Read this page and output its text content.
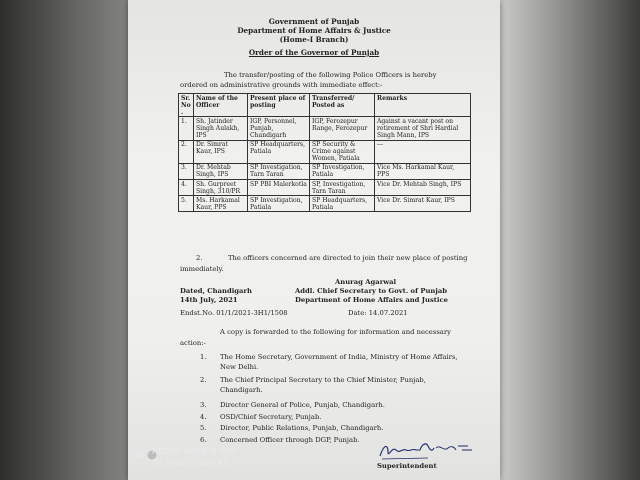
Government of Punjab
Department of Home Affairs & Justice
(Home-I Branch)
Order of the Governor of Punjab
The transfer/posting of the following Police Officers is hereby
ordered on administrative grounds with immediate effect:-
Sr. No.	Name of the Officer	Present place of posting	Transferred/ Posted as	Remarks
1.	Sh. Jatinder Singh Aulakh, IPS	IGP, Personnel, Punjab, Chandigarh	IGP, Ferozepur Range, Ferozepur	Against a vacant post on retirement of Shri Hardial Singh Mann, IPS
2.	Dr. Simrat Kaur, IPS	SP Headquarters, Patiala	SP Security & Crime against Women, Patiala	---
3.	Dr. Mehtab Singh, IPS	SP Investigation, Tarn Taran	SP Investigation, Patiala	Vice Ms. Harkamal Kaur, PPS
4.	Sh. Gurpreet Singh, 310/PR	SP PBI Malerkotla	SP, Investigation, Tarn Taran	Vice Dr. Mehtab Singh, IPS
5.	Ms. Harkamal Kaur, PPS	SP Investigation, Patiala	SP Headquarters, Patiala	Vice Dr. Simrat Kaur, IPS
2.	The officers concerned are directed to join their new place of posting
immediately.
Anurag Agarwal
Dated, Chandigarh	Addl. Chief Secretary to Govt. of Punjab
14th July, 2021	Department of Home Affairs and Justice
Endst.No. 01/1/2021-3H1/1508	Date: 14.07.2021
A copy is forwarded to the following for information and necessary
action:-
1. The Home Secretary, Government of India, Ministry of Home Affairs,
New Delhi.
2. The Chief Principal Secretary to the Chief Minister, Punjab,
Chandigarh.
3. Director General of Police, Punjab, Chandigarh.
4. OSD/Chief Secretary, Punjab.
5. Director, Public Relations, Punjab, Chandigarh.
6. Concerned Officer through DGP, Punjab.
Superintendent
REDMI NOTE 6 PRO
MI DUAL CAMERA
